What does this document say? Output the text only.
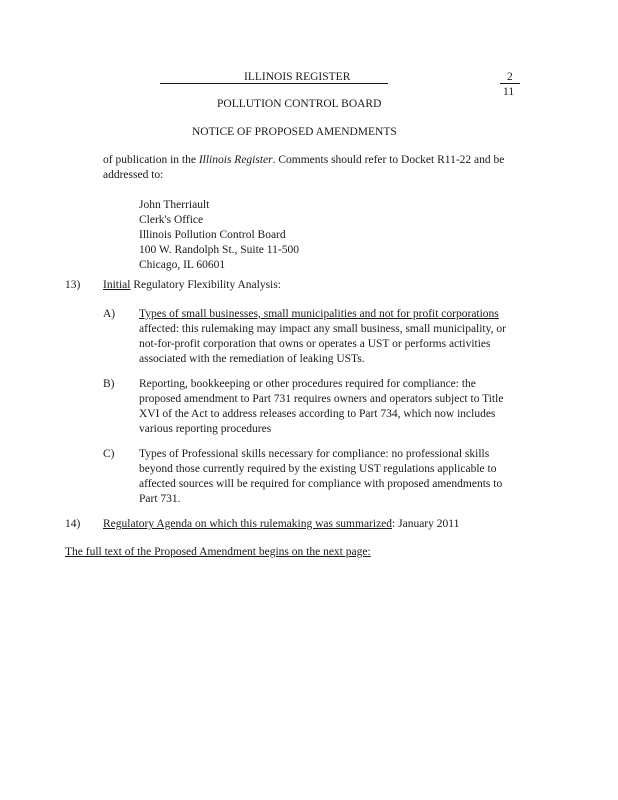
ILLINOIS REGISTER	2
11
POLLUTION CONTROL BOARD
NOTICE OF PROPOSED AMENDMENTS
of publication in the Illinois Register. Comments should refer to Docket R11-22 and be
addressed to:
John Therriault
Clerk's Office
Illinois Pollution Control Board
100 W. Randolph St., Suite 11-500
Chicago, IL 60601
13) Initial Regulatory Flexibility Analysis:
A) Types of small businesses, small municipalities and not for profit corporations
affected: this rulemaking may impact any small business, small municipality, or
not-for-profit corporation that owns or operates a UST or performs activities
associated with the remediation of leaking USTs.
B) Reporting, bookkeeping or other procedures required for compliance: the
proposed amendment to Part 731 requires owners and operators subject to Title
XVI of the Act to address releases according to Part 734, which now includes
various reporting procedures
C) Types of Professional skills necessary for compliance: no professional skills
beyond those currently required by the existing UST regulations applicable to
affected sources will be required for compliance with proposed amendments to
Part 731.
14) Regulatory Agenda on which this rulemaking was summarized: January 2011
The full text of the Proposed Amendment begins on the next page:
